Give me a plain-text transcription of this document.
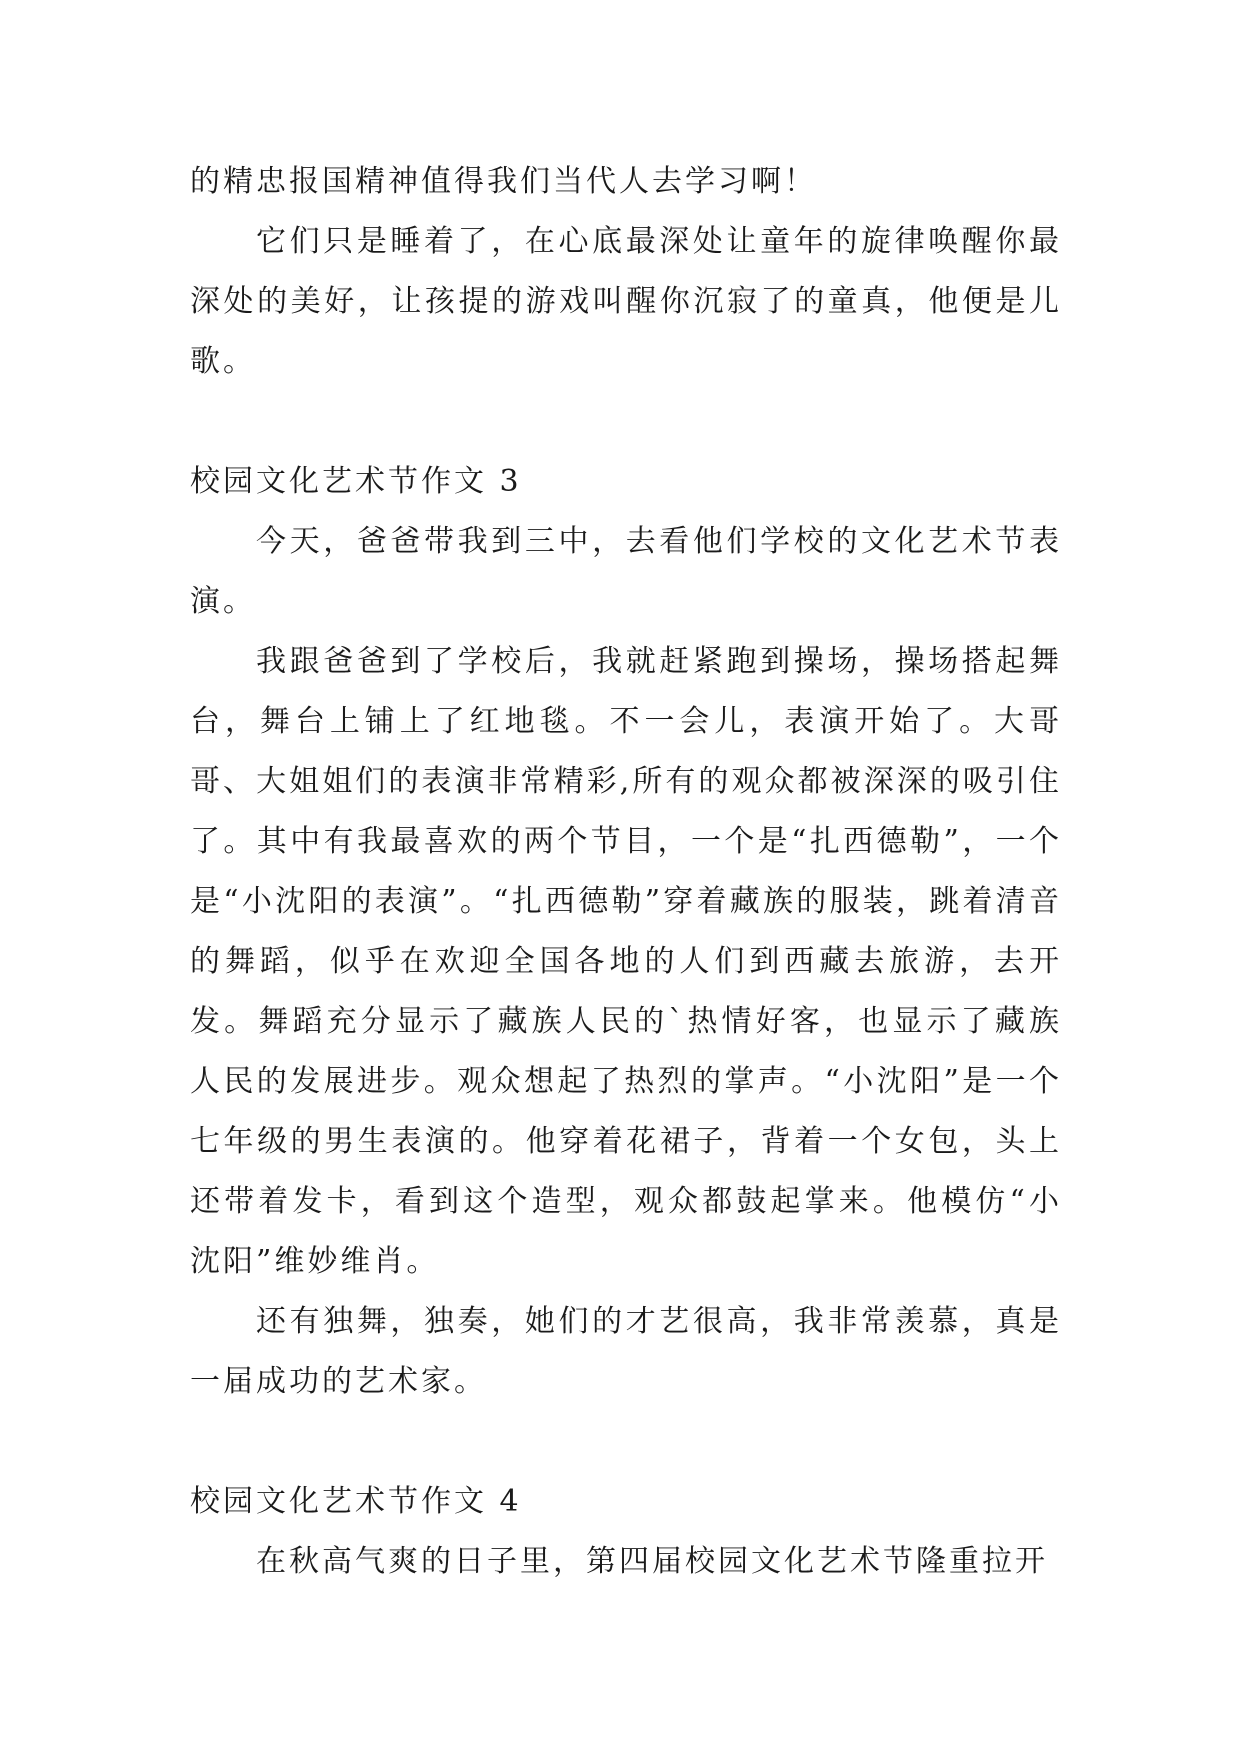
的精忠报国精神值得我们当代人去学习啊！

它们只是睡着了，在心底最深处让童年的旋律唤醒你最深处的美好，让孩提的游戏叫醒你沉寂了的童真，他便是儿歌。

校园文化艺术节作文 3

今天，爸爸带我到三中，去看他们学校的文化艺术节表演。

我跟爸爸到了学校后，我就赶紧跑到操场，操场搭起舞台，舞台上铺上了红地毯。不一会儿，表演开始了。大哥哥、大姐姐们的表演非常精彩,所有的观众都被深深的吸引住了。其中有我最喜欢的两个节目，一个是“扎西德勒”，一个是“小沈阳的表演”。“扎西德勒”穿着藏族的服装，跳着清音的舞蹈，似乎在欢迎全国各地的人们到西藏去旅游，去开发。舞蹈充分显示了藏族人民的`热情好客，也显示了藏族人民的发展进步。观众想起了热烈的掌声。“小沈阳”是一个七年级的男生表演的。他穿着花裙子，背着一个女包，头上还带着发卡，看到这个造型，观众都鼓起掌来。他模仿“小沈阳”维妙维肖。

还有独舞，独奏，她们的才艺很高，我非常羡慕，真是一届成功的艺术家。

校园文化艺术节作文 4

在秋高气爽的日子里，第四届校园文化艺术节隆重拉开
